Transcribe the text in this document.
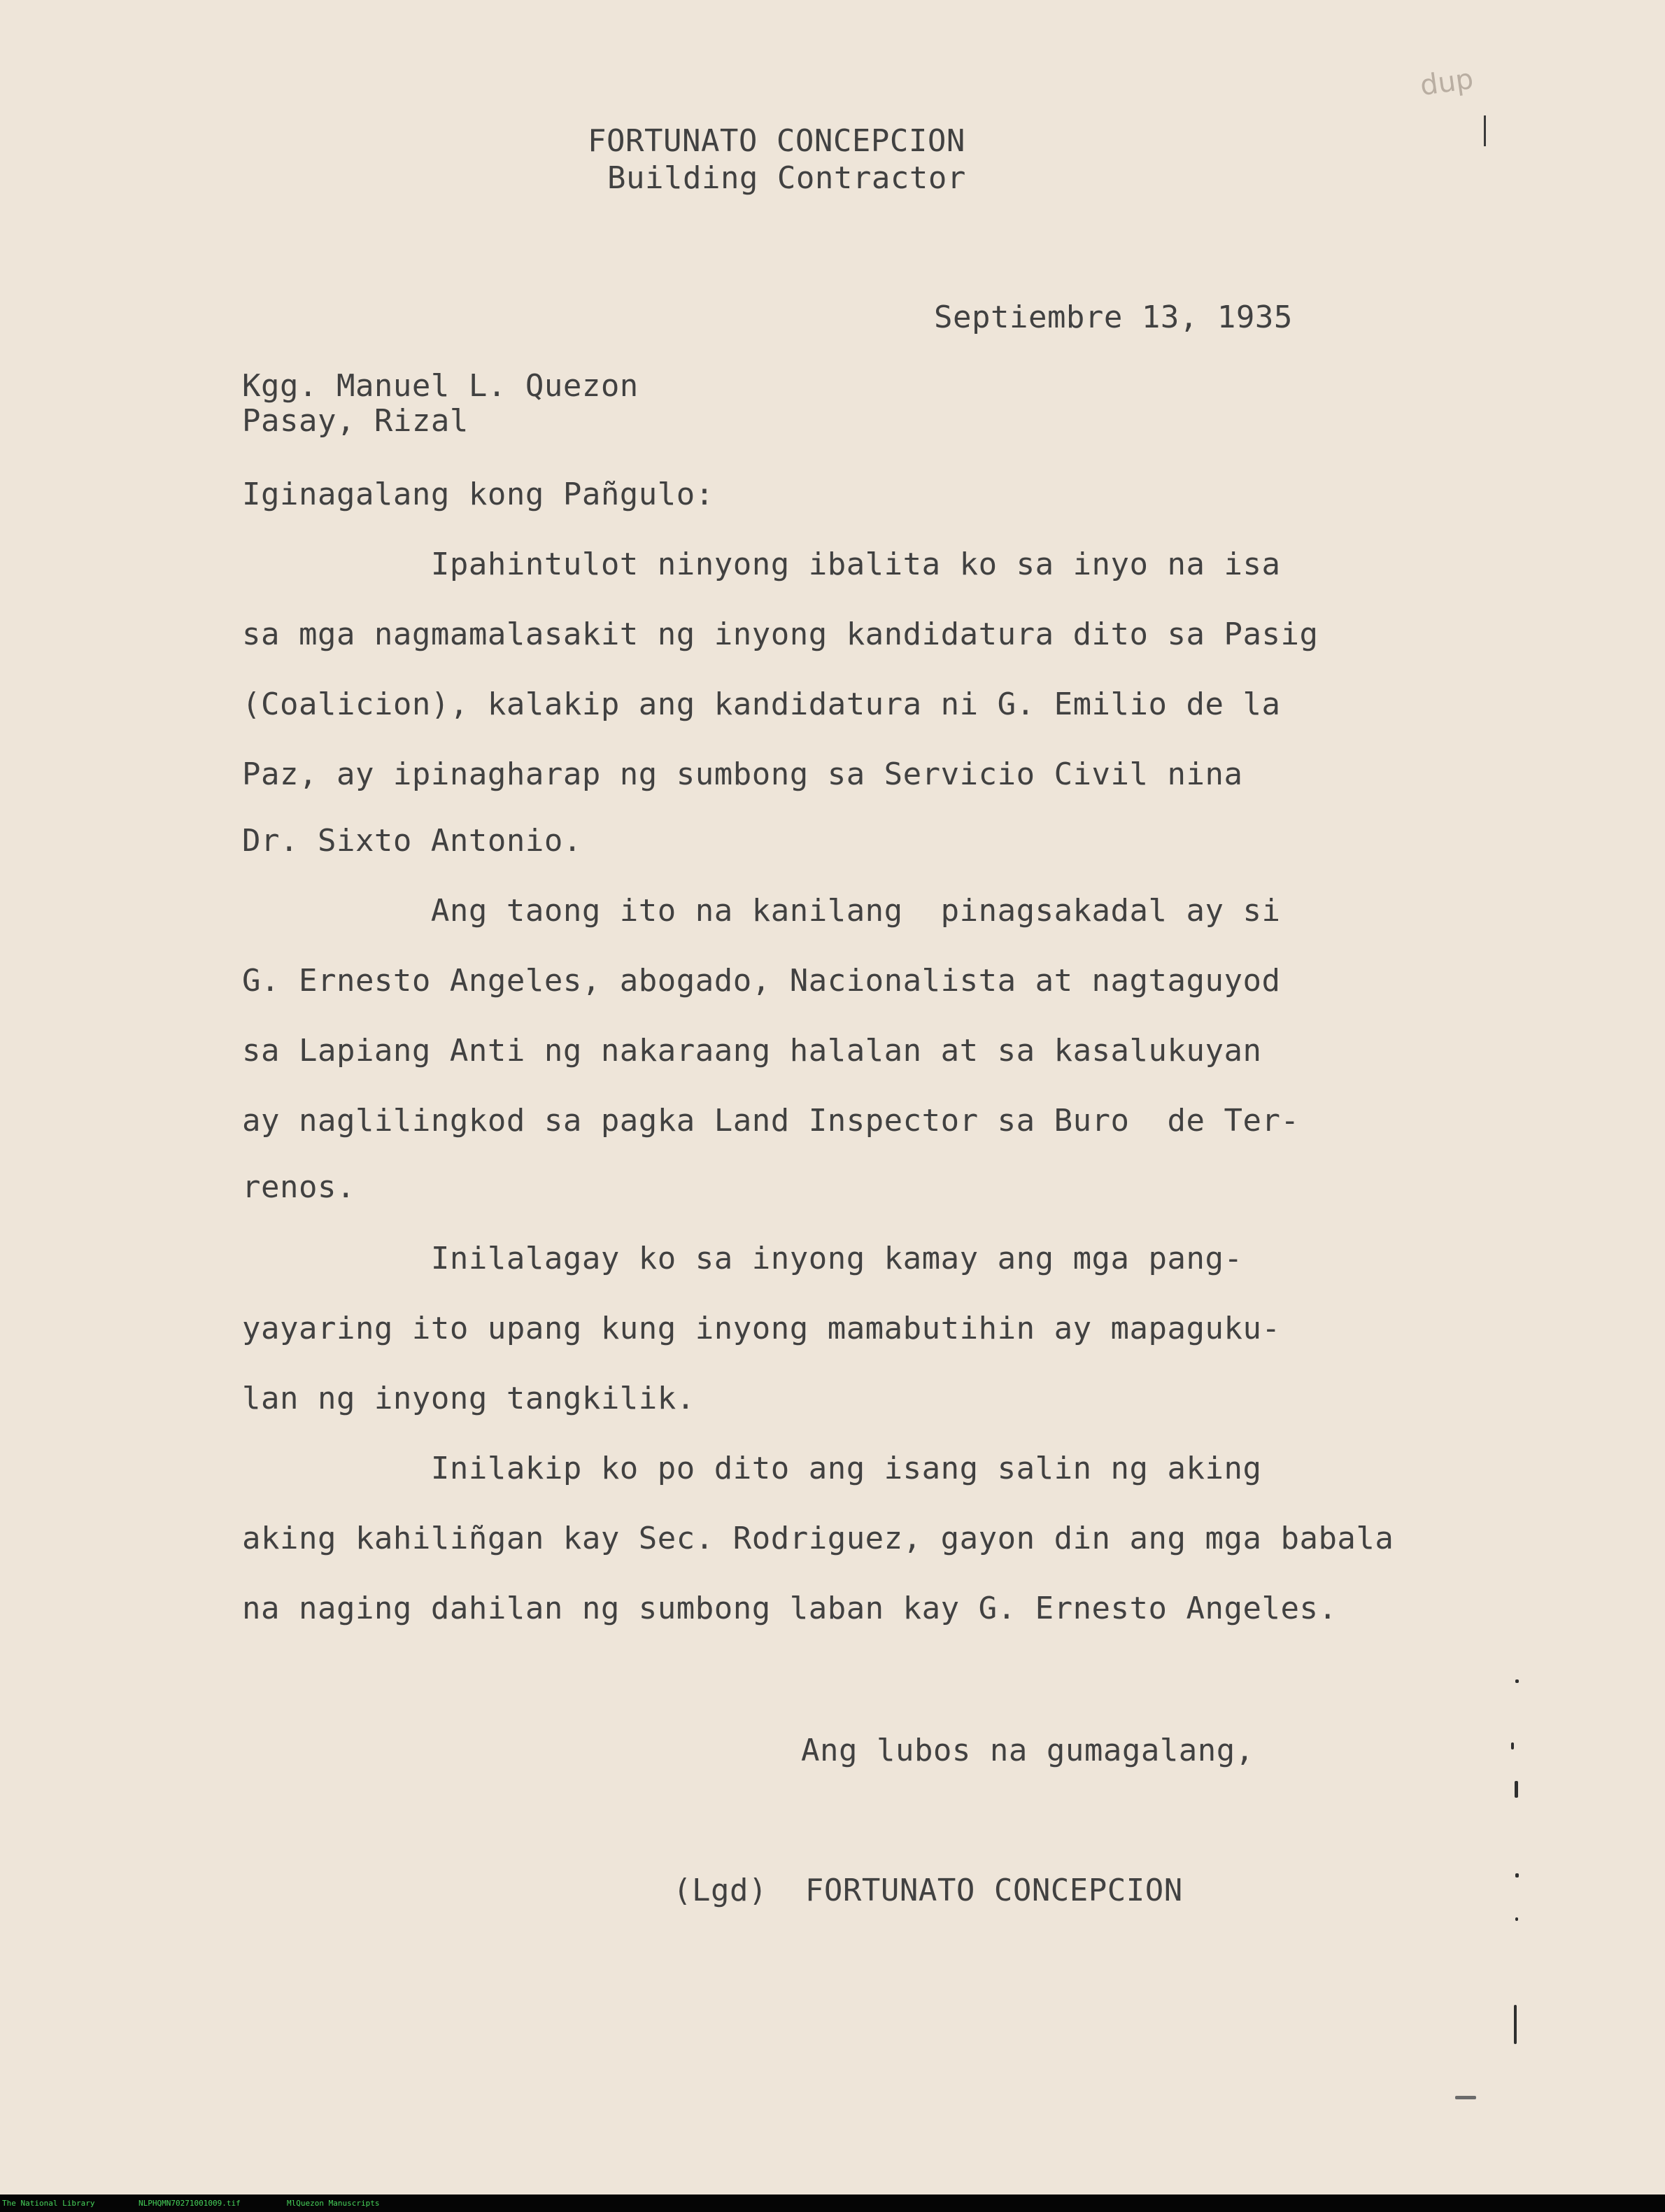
dup

FORTUNATO CONCEPCION

Building Contractor

Septiembre 13, 1935

Kgg. Manuel L. Quezon

Pasay, Rizal

Iginagalang kong Pañgulo:

Ipahintulot ninyong ibalita ko sa inyo na isa

sa mga nagmamalasakit ng inyong kandidatura dito sa Pasig

(Coalicion), kalakip ang kandidatura ni G. Emilio de la

Paz, ay ipinagharap ng sumbong sa Servicio Civil nina

Dr. Sixto Antonio.

Ang taong ito na kanilang  pinagsakadal ay si

G. Ernesto Angeles, abogado, Nacionalista at nagtaguyod

sa Lapiang Anti ng nakaraang halalan at sa kasalukuyan

ay naglilingkod sa pagka Land Inspector sa Buro  de Ter-

renos.

Inilalagay ko sa inyong kamay ang mga pang-

yayaring ito upang kung inyong mamabutihin ay mapaguku-

lan ng inyong tangkilik.

Inilakip ko po dito ang isang salin ng aking

aking kahiliñgan kay Sec. Rodriguez, gayon din ang mga babala

na naging dahilan ng sumbong laban kay G. Ernesto Angeles.

Ang lubos na gumagalang,

(Lgd)  FORTUNATO CONCEPCION

The National Library	NLPHQMN70271001009.tif	MlQuezon Manuscripts
